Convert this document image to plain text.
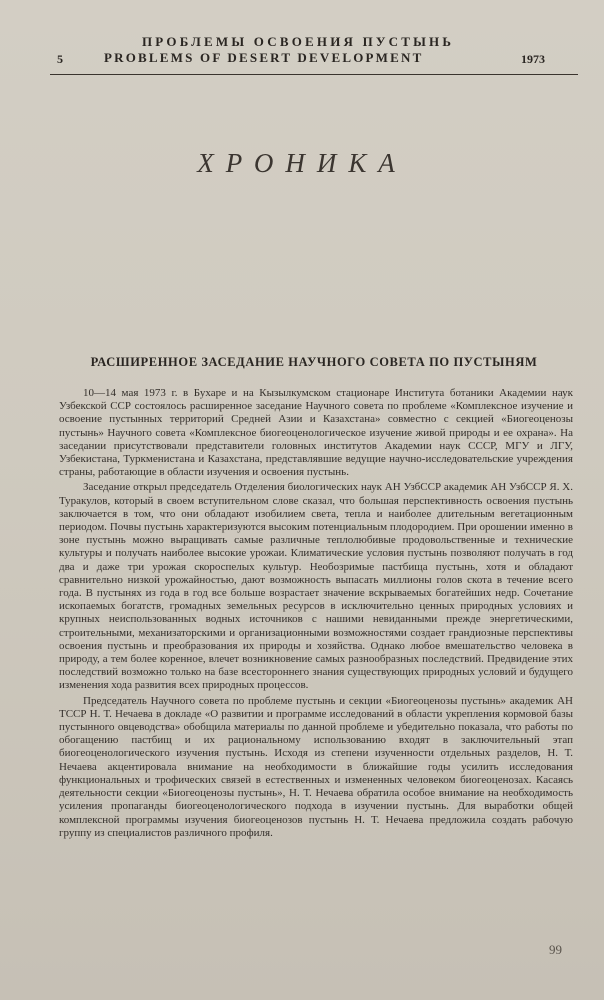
5
ПРОБЛЕМЫ ОСВОЕНИЯ ПУСТЫНЬ
PROBLEMS OF DESERT DEVELOPMENT	1973
ХРОНИКА
РАСШИРЕННОЕ ЗАСЕДАНИЕ НАУЧНОГО СОВЕТА ПО ПУСТЫНЯМ

10—14 мая 1973 г. в Бухаре и на Кызылкумском стационаре Института ботаники Академии наук Узбекской ССР состоялось расширенное заседание Научного совета по проблеме «Комплексное изучение и освоение пустынных территорий Средней Азии и Казахстана» совместно с секцией «Биогеоценозы пустынь» Научного совета «Комплексное биогеоценологическое изучение живой природы и ее охрана». На заседании присутствовали представители головных институтов Академии наук СССР, МГУ и ЛГУ, Узбекистана, Туркменистана и Казахстана, представлявшие ведущие научно-исследовательские учреждения страны, работающие в области изучения и освоения пустынь.

Заседание открыл председатель Отделения биологических наук АН УзбССР академик АН УзбССР Я. Х. Туракулов, который в своем вступительном слове сказал, что большая перспективность освоения пустынь заключается в том, что они обладают изобилием света, тепла и наиболее длительным вегетационным периодом. Почвы пустынь характеризуются высоким потенциальным плодородием. При орошении именно в зоне пустынь можно выращивать самые различные теплолюбивые продовольственные и технические культуры и получать наиболее высокие урожаи. Климатические условия пустынь позволяют получать в год два и даже три урожая скороспелых культур. Необозримые пастбища пустынь, хотя и обладают сравнительно низкой урожайностью, дают возможность выпасать миллионы голов скота в течение всего года. В пустынях из года в год все больше возрастает значение вскрываемых богатейших недр. Сочетание ископаемых богатств, громадных земельных ресурсов в исключительно ценных природных условиях и крупных неиспользованных водных источников с нашими невиданными прежде энергетическими, строительными, механизаторскими и организационными возможностями создает грандиозные перспективы освоения пустынь и преобразования их природы и хозяйства. Однако любое вмешательство человека в природу, а тем более коренное, влечет возникновение самых разнообразных последствий. Предвидение этих последствий возможно только на базе всестороннего знания существующих природных условий и будущего изменения хода развития всех природных процессов.

Председатель Научного совета по проблеме пустынь и секции «Биогеоценозы пустынь» академик АН ТССР Н. Т. Нечаева в докладе «О развитии и программе исследований в области укрепления кормовой базы пустынного овцеводства» обобщила материалы по данной проблеме и убедительно показала, что работы по обогащению пастбищ и их рациональному использованию входят в заключительный этап биогеоценологического изучения пустынь. Исходя из степени изученности отдельных разделов, Н. Т. Нечаева акцентировала внимание на необходимости в ближайшие годы усилить исследования функциональных и трофических связей в естественных и измененных человеком биогеоценозах. Касаясь деятельности секции «Биогеоценозы пустынь», Н. Т. Нечаева обратила особое внимание на необходимость усиления пропаганды биогеоценологического подхода в изучении пустынь. Для выработки общей комплексной программы изучения биогеоценозов пустынь Н. Т. Нечаева предложила создать рабочую группу из специалистов различного профиля.

99
